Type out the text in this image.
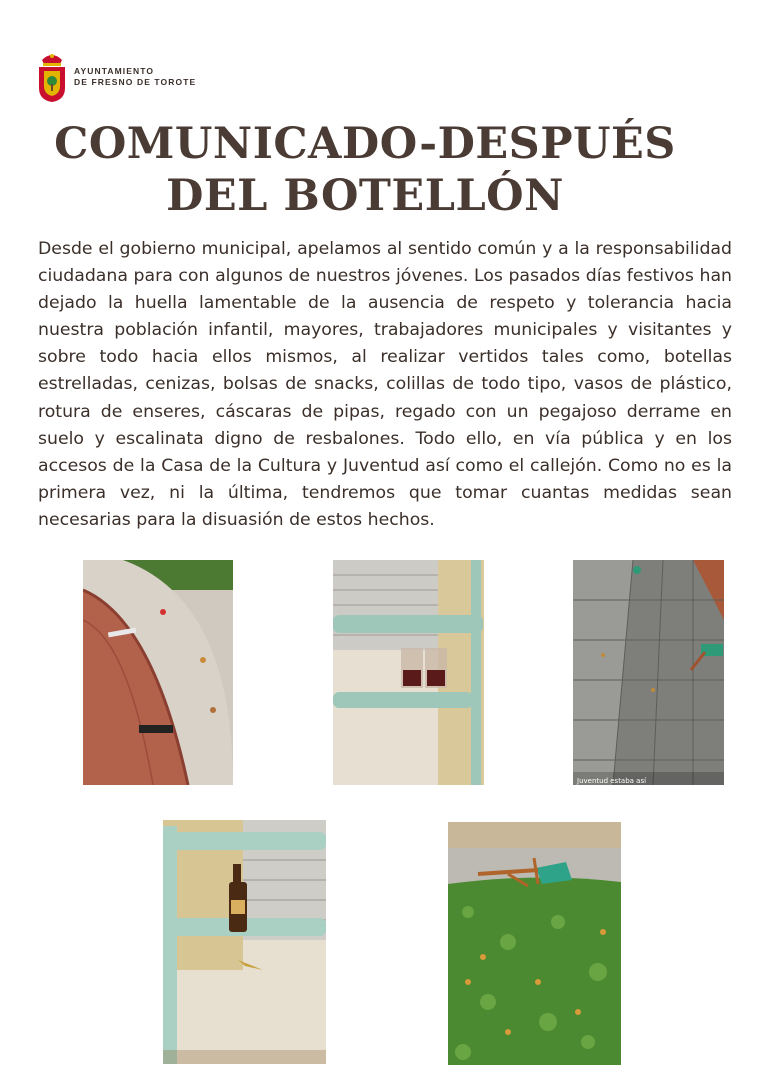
AYUNTAMIENTO
DE FRESNO DE TOROTE
COMUNICADO-DESPUÉS
DEL BOTELLÓN
Desde el gobierno municipal, apelamos al sentido común y a la responsabilidad ciudadana para con algunos de nuestros jóvenes. Los pasados días festivos han dejado la huella lamentable de la ausencia de respeto y tolerancia hacia nuestra población infantil, mayores, trabajadores municipales y visitantes y sobre todo hacia ellos mismos, al realizar vertidos tales como, botellas estrelladas, cenizas, bolsas de snacks, colillas de todo tipo, vasos de plástico, rotura de enseres, cáscaras de pipas, regado con un pegajoso derrame en suelo y escalinata digno de resbalones. Todo ello, en vía pública y en los accesos de la Casa de la Cultura y Juventud así como el callejón. Como no es la primera vez, ni la última, tendremos que tomar cuantas medidas sean necesarias para la disuasión de estos hechos.
Juventud estaba así
